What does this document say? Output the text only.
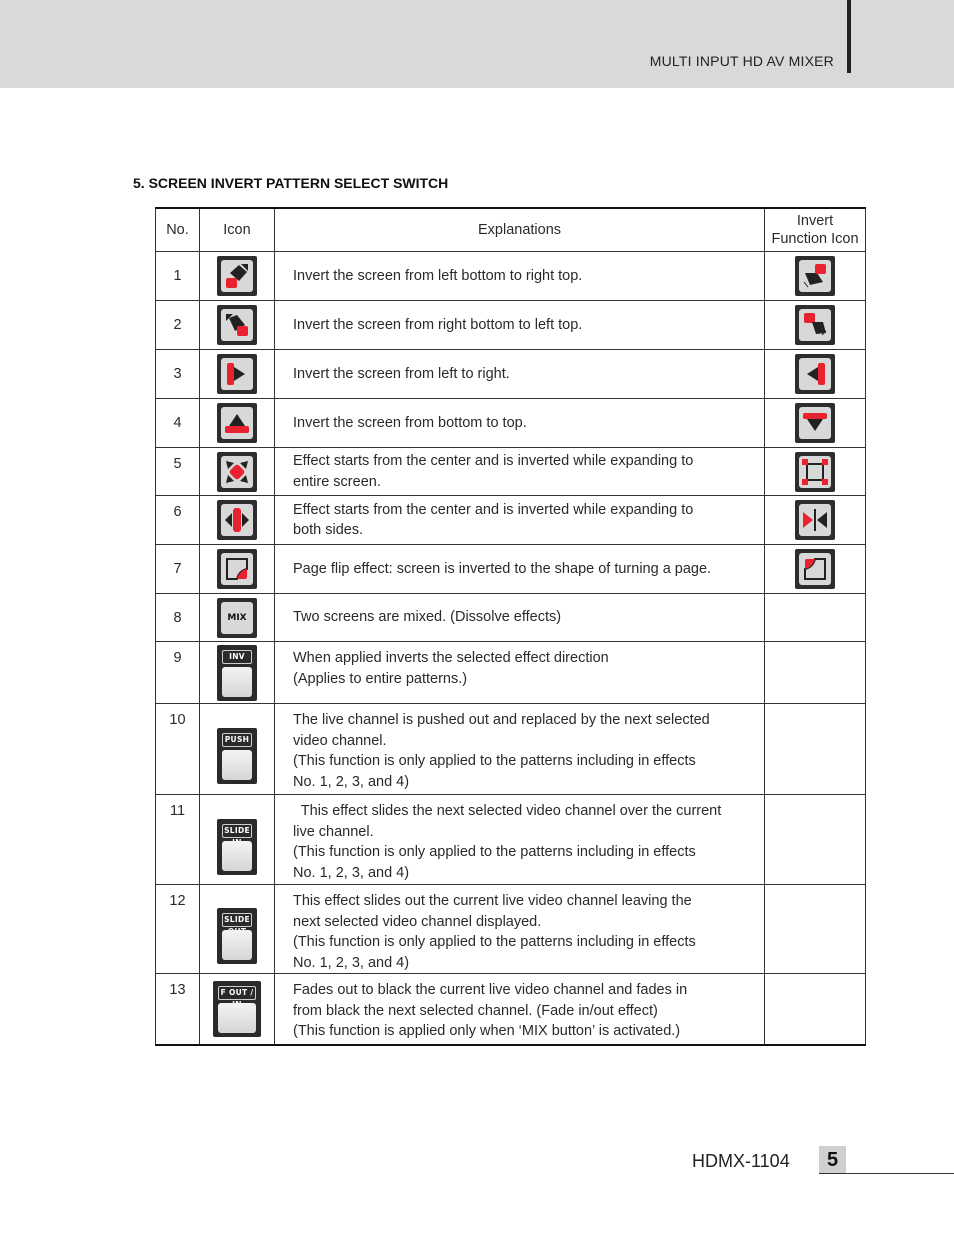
MULTI INPUT HD AV MIXER
5. SCREEN INVERT PATTERN SELECT SWITCH
No.	Icon	Explanations	Invert
Function Icon
1		Invert the screen from left bottom to right top.	

2		Invert the screen from right bottom to left top.	

3		Invert the screen from left to right.	

4		Invert the screen from bottom to top.	

5		Effect starts from the center and is inverted while expanding to
entire screen.	

6		Effect starts from the center and is inverted while expanding to
both sides.	

7		Page flip effect: screen is inverted to the shape of turning a page.	

8	MIX	Two screens are mixed. (Dissolve effects)	
9	INV	When applied inverts the selected effect direction
(Applies to entire patterns.)	
10	PUSH	The live channel is pushed out and replaced by the next selected
video channel.
(This function is only applied to the patterns including in effects
No. 1, 2, 3, and 4)	
11	SLIDE	This effect slides the next selected video channel over the current
live channel.
(This function is only applied to the patterns including in effects
No. 1, 2, 3, and 4)	
12	SLIDE	This effect slides out the current live video channel leaving the
next selected video channel displayed.
(This function is only applied to the patterns including in effects
No. 1, 2, 3, and 4)	
13	F OUT /	Fades out to black the current live video channel and fades in
from black the next selected channel. (Fade in/out effect)
(This function is applied only when ‘MIX button’ is activated.)	
HDMX-1104	5
